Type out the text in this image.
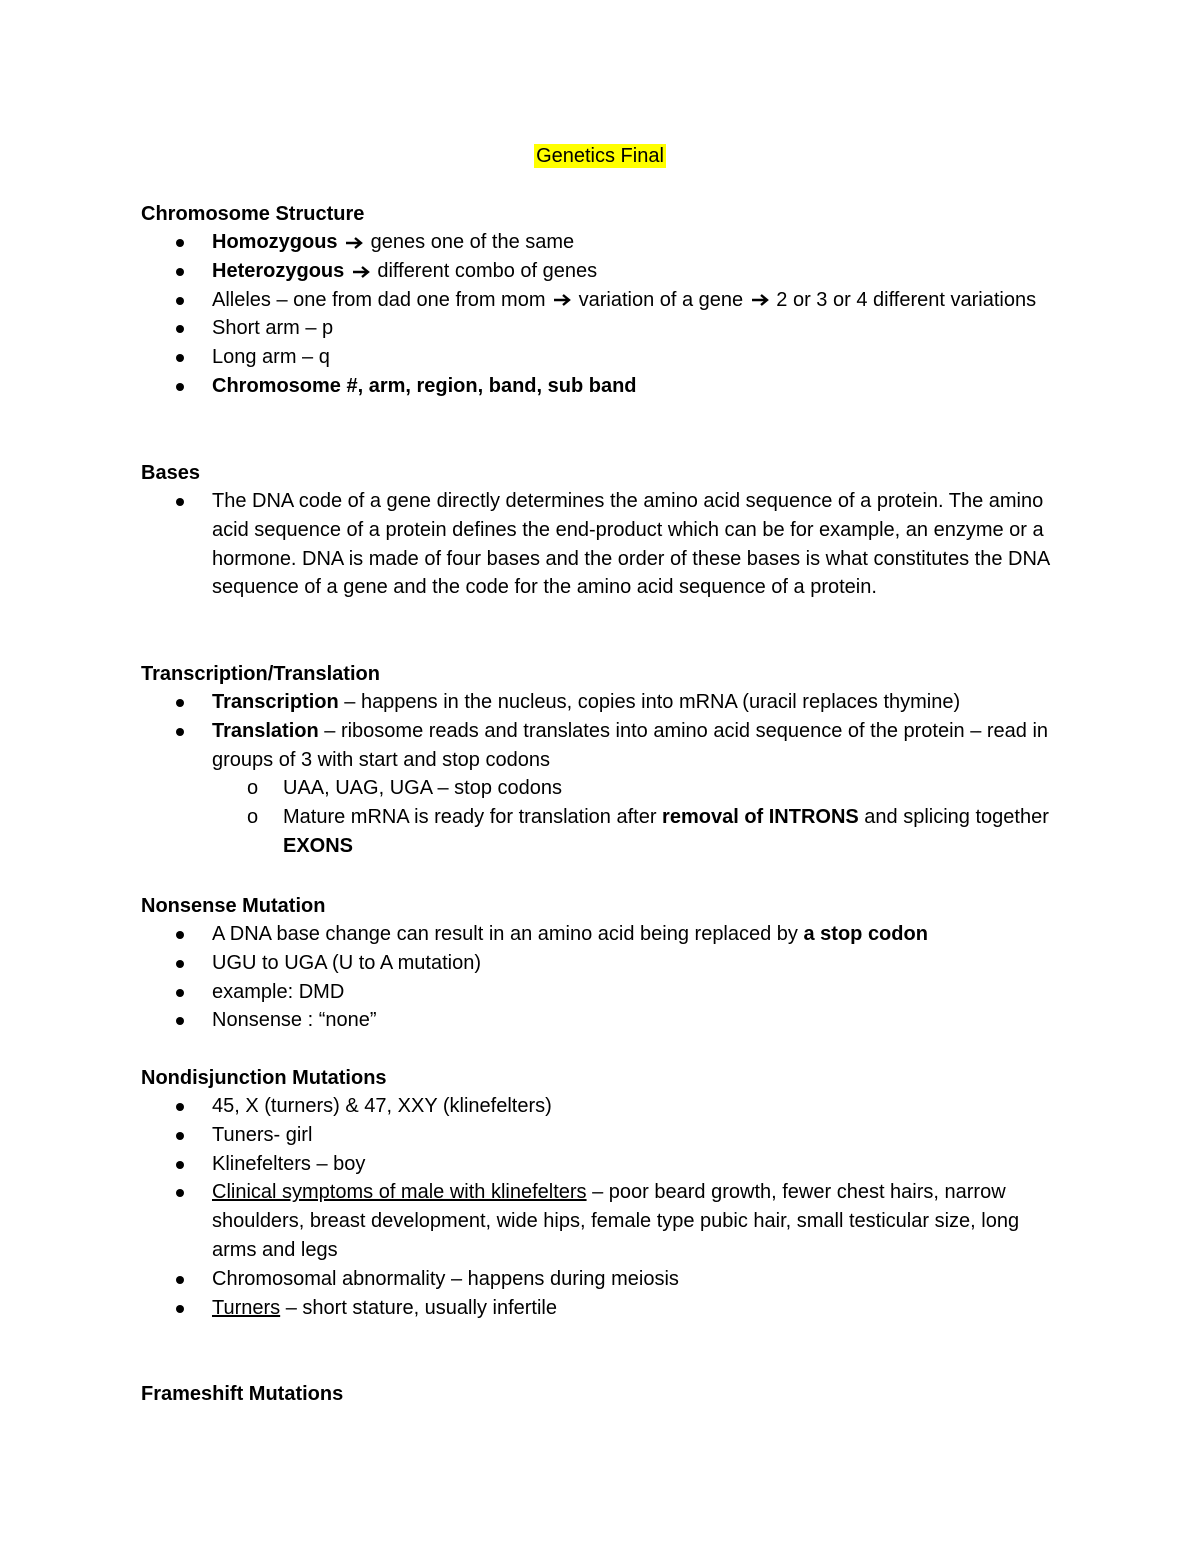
Genetics Final
Chromosome Structure
Homozygous  genes one of the same
Heterozygous  different combo of genes
Alleles – one from dad one from mom  variation of a gene  2 or 3 or 4 different variations
Short arm – p
Long arm – q
Chromosome #, arm, region, band, sub band
Bases
The DNA code of a gene directly determines the amino acid sequence of a protein. The amino acid sequence of a protein defines the end-product which can be for example, an enzyme or a hormone. DNA is made of four bases and the order of these bases is what constitutes the DNA sequence of a gene and the code for the amino acid sequence of a protein.
Transcription/Translation
Transcription – happens in the nucleus, copies into mRNA (uracil replaces thymine)
Translation – ribosome reads and translates into amino acid sequence of the protein – read in groups of 3 with start and stop codons
o UAA, UAG, UGA – stop codons
o Mature mRNA is ready for translation after removal of INTRONS and splicing together EXONS
Nonsense Mutation
A DNA base change can result in an amino acid being replaced by a stop codon
UGU to UGA (U to A mutation)
example: DMD
Nonsense : “none”
Nondisjunction Mutations
45, X (turners) & 47, XXY (klinefelters)
Tuners- girl
Klinefelters – boy
Clinical symptoms of male with klinefelters – poor beard growth, fewer chest hairs, narrow shoulders, breast development, wide hips, female type pubic hair, small testicular size, long arms and legs
Chromosomal abnormality – happens during meiosis
Turners – short stature, usually infertile
Frameshift Mutations
